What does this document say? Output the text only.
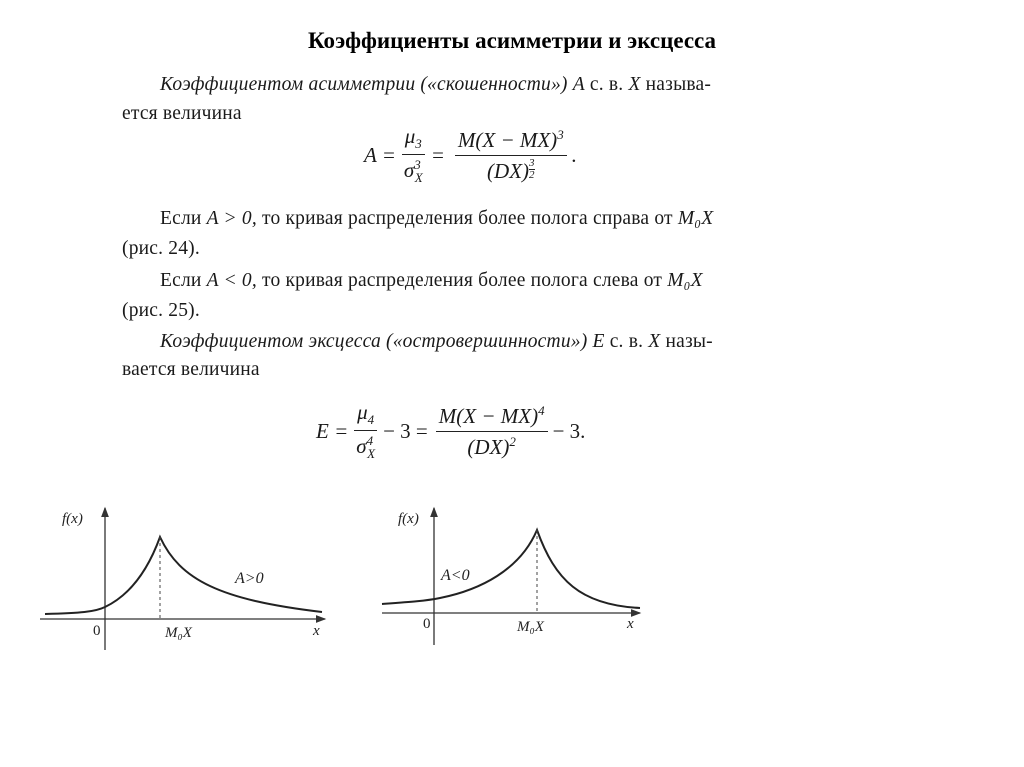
Коэффициенты асимметрии и эксцесса
Коэффициентом асимметрии («скошенности») A с. в. X называ-
ется величина
$A = \frac{\mu_3}{\sigma^3_X} = \frac{M(X - MX)^3}{(DX) \frac{3}{2}}$ .
Если A > 0, то кривая распределения более полога справа от M₀X
(рис. 24).
Если A < 0, то кривая распределения более полога слева от M₀X
(рис. 25).
Коэффициентом эксцесса («островершинности») E с. в. X назы-
вается величина
$E = \frac{\mu_4}{\sigma^4_X} - 3 = \frac{M(X - MX)^4}{(DX)^2} - 3$.
f(x)
0	M₀X	x
A>0
f(x)
0	M₀X	x
A<0
